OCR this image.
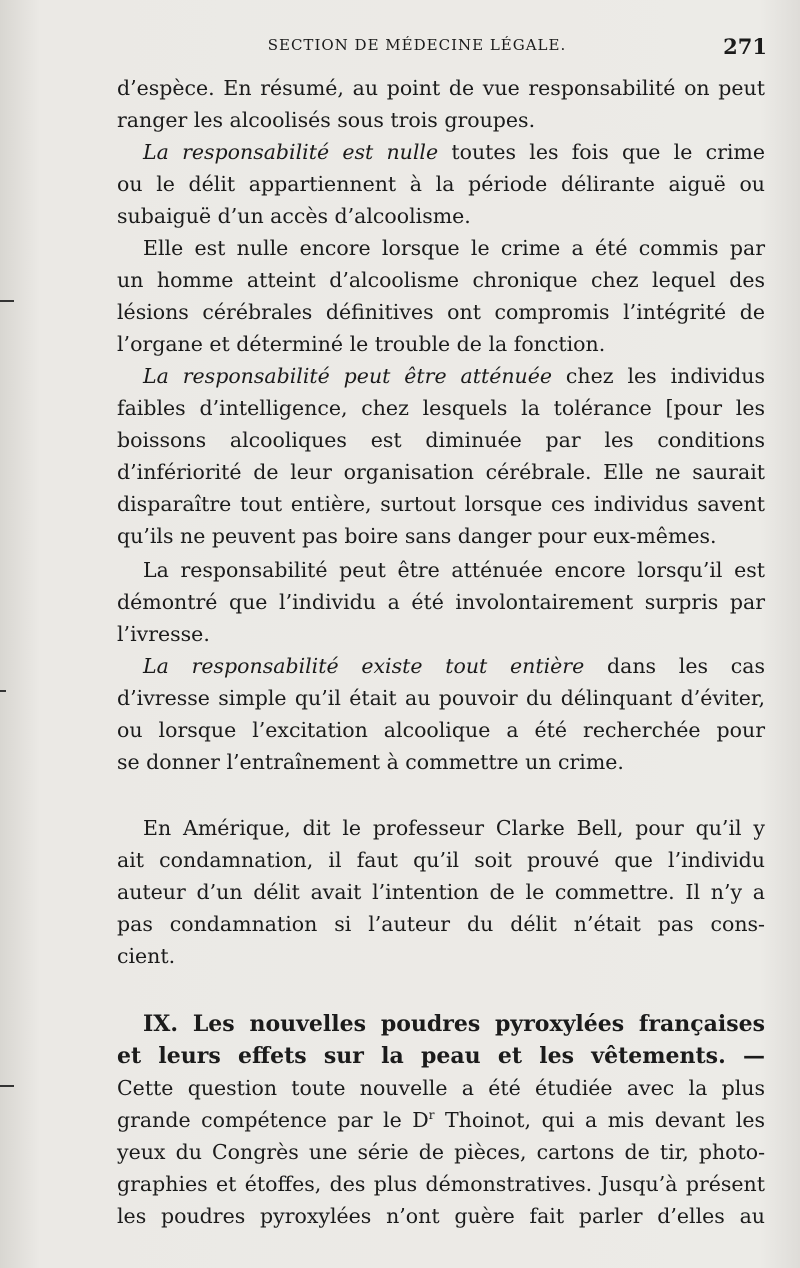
SECTION DE MÉDECINE LÉGALE.	271
d’espèce. En résumé, au point de vue responsabilité on peut
ranger les alcoolisés sous trois groupes.
La responsabilité est nulle toutes les fois que le crime
ou le délit appartiennent à la période délirante aiguë ou
subaiguë d’un accès d’alcoolisme.
Elle est nulle encore lorsque le crime a été commis par
un homme atteint d’alcoolisme chronique chez lequel des
lésions cérébrales définitives ont compromis l’intégrité de
l’organe et déterminé le trouble de la fonction.
La responsabilité peut être atténuée chez les individus
faibles d’intelligence, chez lesquels la tolérance [pour les
boissons alcooliques est diminuée par les conditions
d’infériorité de leur organisation cérébrale. Elle ne saurait
disparaître tout entière, surtout lorsque ces individus savent
qu’ils ne peuvent pas boire sans danger pour eux-mêmes.
La responsabilité peut être atténuée encore lorsqu’il est
démontré que l’individu a été involontairement surpris par
l’ivresse.
La responsabilité existe tout entière dans les cas
d’ivresse simple qu’il était au pouvoir du délinquant d’éviter,
ou lorsque l’excitation alcoolique a été recherchée pour
se donner l’entraînement à commettre un crime.
En Amérique, dit le professeur Clarke Bell, pour qu’il y
ait condamnation, il faut qu’il soit prouvé que l’individu
auteur d’un délit avait l’intention de le commettre. Il n’y a
pas condamnation si l’auteur du délit n’était pas cons-
cient.
IX. Les nouvelles poudres pyroxylées françaises
et leurs effets sur la peau et les vêtements. —
Cette question toute nouvelle a été étudiée avec la plus
grande compétence par le $D^r$ Thoinot, qui a mis devant les
yeux du Congrès une série de pièces, cartons de tir, photo-
graphies et étoffes, des plus démonstratives. Jusqu’à présent
les poudres pyroxylées n’ont guère fait parler d’elles au
